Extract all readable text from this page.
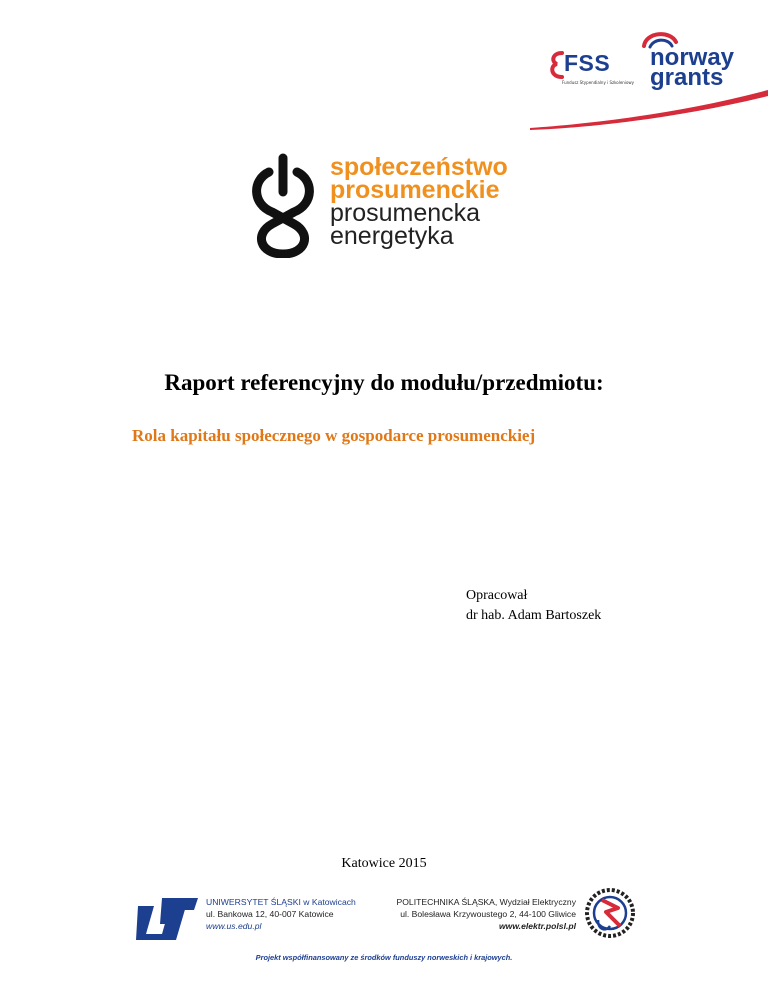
FSS
Fundusz Stypendialny i Szkoleniowy
norway
grants
społeczeństwo
prosumenckie
prosumencka
energetyka
Raport referencyjny do modułu/przedmiotu:
Rola kapitału społecznego w gospodarce prosumenckiej
Opracował
dr hab. Adam Bartoszek
Katowice 2015
UNIWERSYTET ŚLĄSKI w Katowicach
ul. Bankowa 12, 40-007 Katowice
www.us.edu.pl
POLITECHNIKA ŚLĄSKA, Wydział Elektryczny
ul. Bolesława Krzywoustego 2, 44-100 Gliwice
www.elektr.polsl.pl
Projekt współfinansowany ze środków funduszy norweskich i krajowych.
